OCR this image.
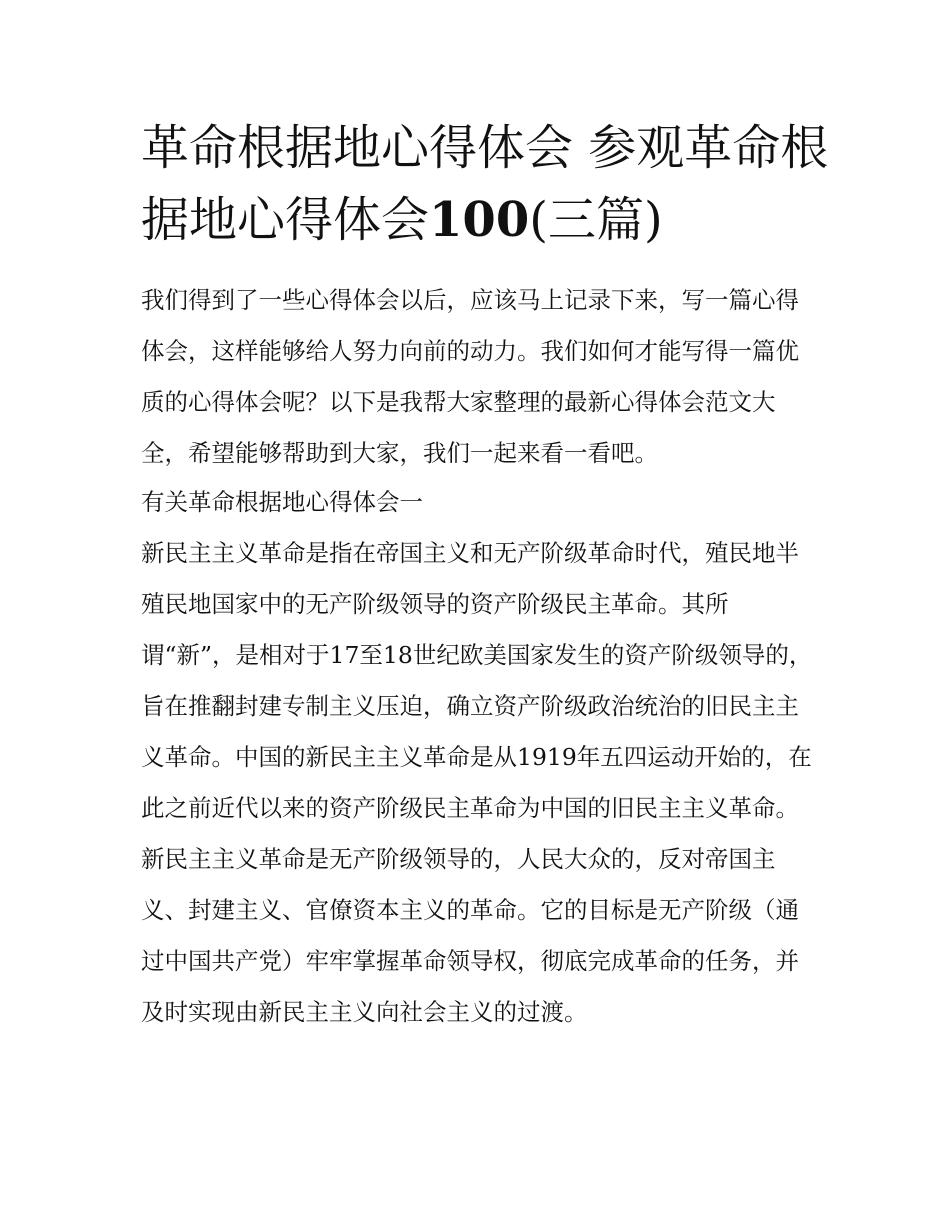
革命根据地心得体会 参观革命根据地心得体会100(三篇)

我们得到了一些心得体会以后，应该马上记录下来，写一篇心得体会，这样能够给人努力向前的动力。我们如何才能写得一篇优质的心得体会呢？以下是我帮大家整理的最新心得体会范文大全，希望能够帮助到大家，我们一起来看一看吧。

有关革命根据地心得体会一

新民主主义革命是指在帝国主义和无产阶级革命时代，殖民地半殖民地国家中的无产阶级领导的资产阶级民主革命。其所谓“新”，是相对于17至18世纪欧美国家发生的资产阶级领导的，旨在推翻封建专制主义压迫，确立资产阶级政治统治的旧民主主义革命。中国的新民主主义革命是从1919年五四运动开始的，在此之前近代以来的资产阶级民主革命为中国的旧民主主义革命。新民主主义革命是无产阶级领导的，人民大众的，反对帝国主义、封建主义、官僚资本主义的革命。它的目标是无产阶级（通过中国共产党）牢牢掌握革命领导权，彻底完成革命的任务，并及时实现由新民主主义向社会主义的过渡。
